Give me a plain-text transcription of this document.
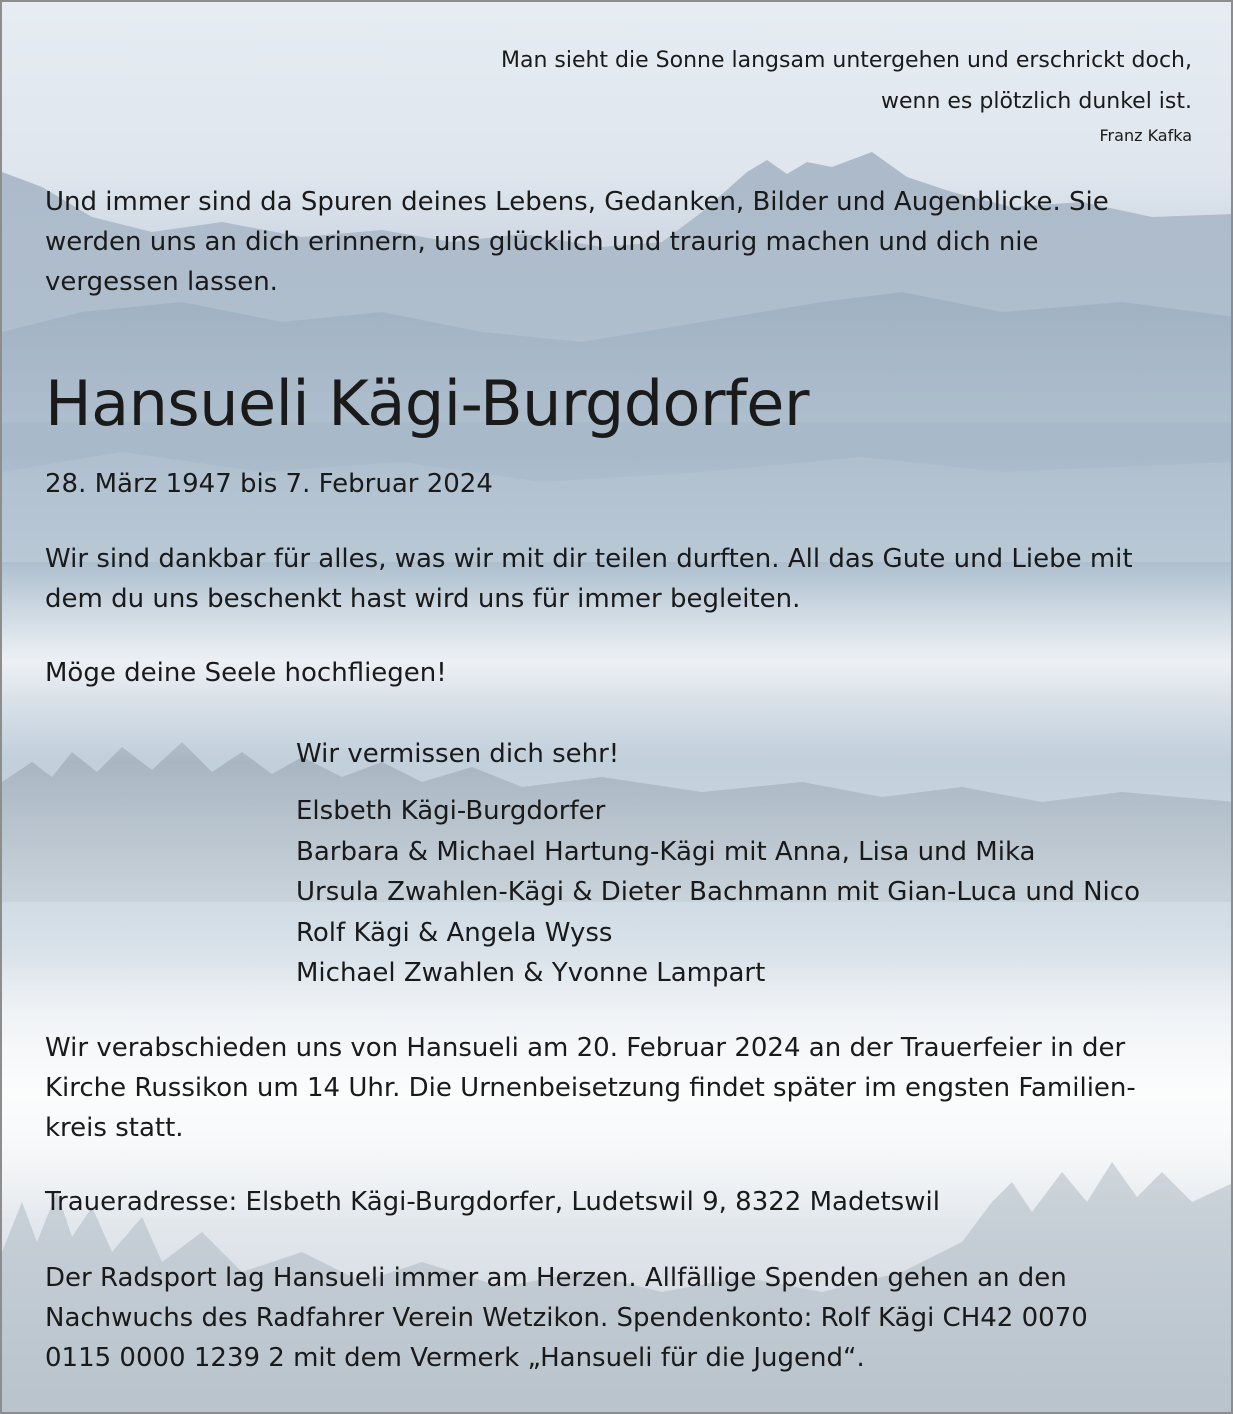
Man sieht die Sonne langsam untergehen und erschrickt doch,
wenn es plötzlich dunkel ist.
Franz Kafka
Und immer sind da Spuren deines Lebens, Gedanken, Bilder und Augenblicke. Sie
werden uns an dich erinnern, uns glücklich und traurig machen und dich nie
vergessen lassen.
Hansueli Kägi-Burgdorfer
28. März 1947 bis 7. Februar 2024
Wir sind dankbar für alles, was wir mit dir teilen durften. All das Gute und Liebe mit
dem du uns beschenkt hast wird uns für immer begleiten.
Möge deine Seele hochfliegen!
Wir vermissen dich sehr!
Elsbeth Kägi-Burgdorfer
Barbara & Michael Hartung-Kägi mit Anna, Lisa und Mika
Ursula Zwahlen-Kägi & Dieter Bachmann mit Gian-Luca und Nico
Rolf Kägi & Angela Wyss
Michael Zwahlen & Yvonne Lampart
Wir verabschieden uns von Hansueli am 20. Februar 2024 an der Trauerfeier in der
Kirche Russikon um 14 Uhr. Die Urnenbeisetzung findet später im engsten Familien-
kreis statt.
Traueradresse: Elsbeth Kägi-Burgdorfer, Ludetswil 9, 8322 Madetswil
Der Radsport lag Hansueli immer am Herzen. Allfällige Spenden gehen an den
Nachwuchs des Radfahrer Verein Wetzikon. Spendenkonto: Rolf Kägi CH42 0070
0115 0000 1239 2 mit dem Vermerk „Hansueli für die Jugend“.
